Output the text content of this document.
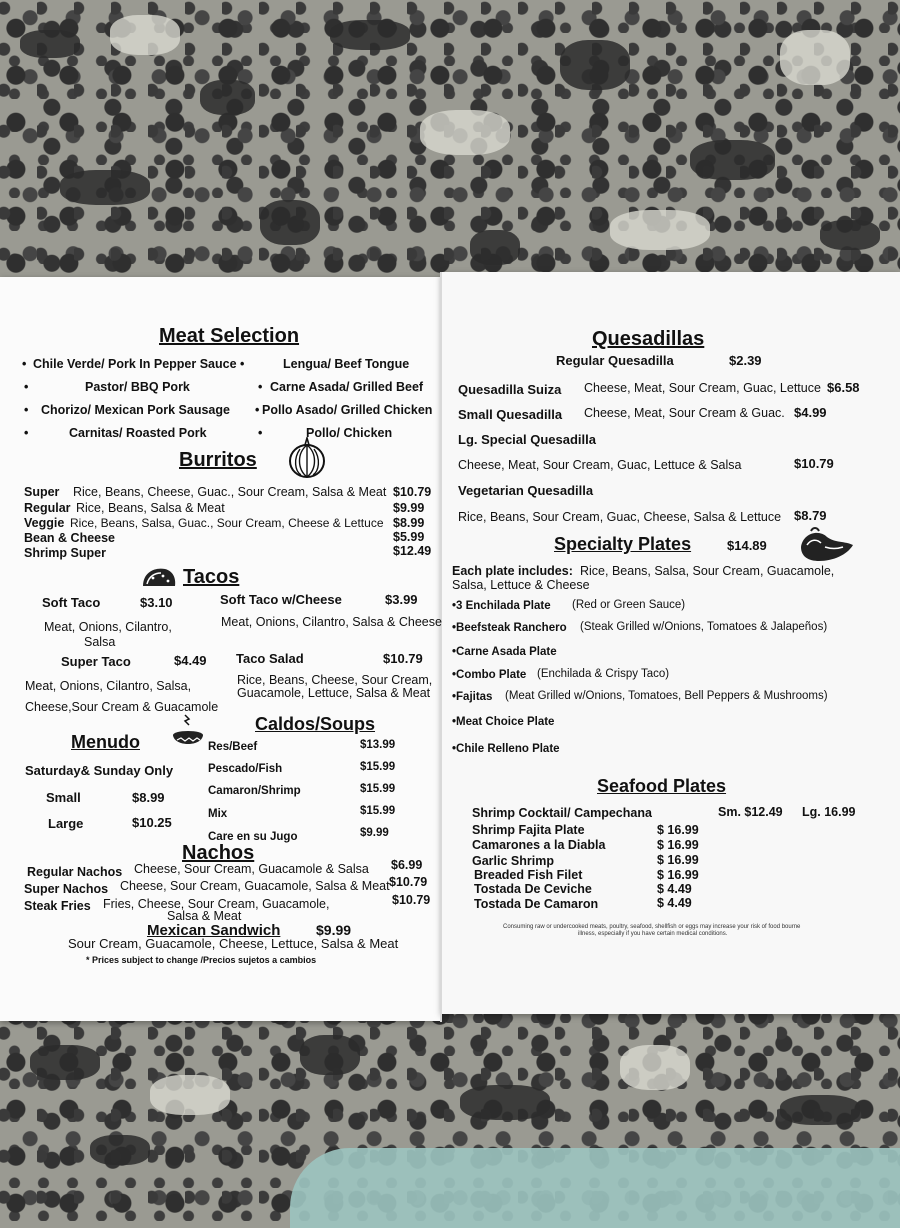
Meat Selection
• Chile Verde/ Pork In Pepper Sauce •	Lengua/ Beef Tongue
•	Pastor/ BBQ Pork	• Carne Asada/ Grilled Beef
• Chorizo/ Mexican Pork Sausage • Pollo Asado/ Grilled Chicken
•	Carnitas/ Roasted Pork	•	Pollo/ Chicken
Burritos
Super Rice, Beans, Cheese, Guac., Sour Cream, Salsa & Meat $10.79
Regular Rice, Beans, Salsa & Meat	$9.99
Veggie Rice, Beans, Salsa, Guac., Sour Cream, Cheese & Lettuce $8.99
Bean & Cheese	$5.99
Shrimp Super	$12.49
Tacos
Soft Taco	$3.10
Meat, Onions, Cilantro,
Salsa
Soft Taco w/Cheese	$3.99
Meat, Onions, Cilantro, Salsa & Cheese
Super Taco	$4.49
Meat, Onions, Cilantro, Salsa,
Cheese,Sour Cream & Guacamole
Taco Salad	$10.79
Rice, Beans, Cheese, Sour Cream,
Guacamole, Lettuce, Salsa & Meat
Menudo
Saturday& Sunday Only
Small	$8.99
Large	$10.25
Caldos/Soups
Res/Beef	$13.99
Pescado/Fish	$15.99
Camaron/Shrimp	$15.99
Mix	$15.99
Care en su Jugo	$9.99
Nachos
Regular Nachos Cheese, Sour Cream, Guacamole & Salsa $6.99
Super Nachos Cheese, Sour Cream, Guacamole, Salsa & Meat $10.79
Steak Fries Fries, Cheese, Sour Cream, Guacamole,
Salsa & Meat
$10.79
Mexican Sandwich	$9.99
Sour Cream, Guacamole, Cheese, Lettuce, Salsa & Meat
* Prices subject to change /Precios sujetos a cambios
Quesadillas
Regular Quesadilla	$2.39
Quesadilla Suiza Cheese, Meat, Sour Cream, Guac, Lettuce $6.58
Small Quesadilla Cheese, Meat, Sour Cream & Guac. $4.99
Lg. Special Quesadilla
Cheese, Meat, Sour Cream, Guac, Lettuce & Salsa	$10.79
Vegetarian Quesadilla
Rice, Beans, Sour Cream, Guac, Cheese, Salsa & Lettuce $8.79
Specialty Plates	$14.89
Each plate includes: Rice, Beans, Salsa, Sour Cream, Guacamole,
Salsa, Lettuce & Cheese
•3 Enchilada Plate (Red or Green Sauce)
•Beefsteak Ranchero (Steak Grilled w/Onions, Tomatoes & Jalapeños)
•Carne Asada Plate
•Combo Plate (Enchilada & Crispy Taco)
•Fajitas (Meat Grilled w/Onions, Tomatoes, Bell Peppers & Mushrooms)
•Meat Choice Plate
•Chile Relleno Plate
Seafood Plates
Shrimp Cocktail/ Campechana	Sm. $12.49 Lg. 16.99
Shrimp Fajita Plate	$ 16.99
Camarones a la Diabla	$ 16.99
Garlic Shrimp	$ 16.99
Breaded Fish Filet	$ 16.99
Tostada De Ceviche	$ 4.49
Tostada De Camaron	$ 4.49
Consuming raw or undercooked meats, poultry, seafood, shellfish or eggs may increase your risk of food bourne
illness, especially if you have certain medical conditions.
